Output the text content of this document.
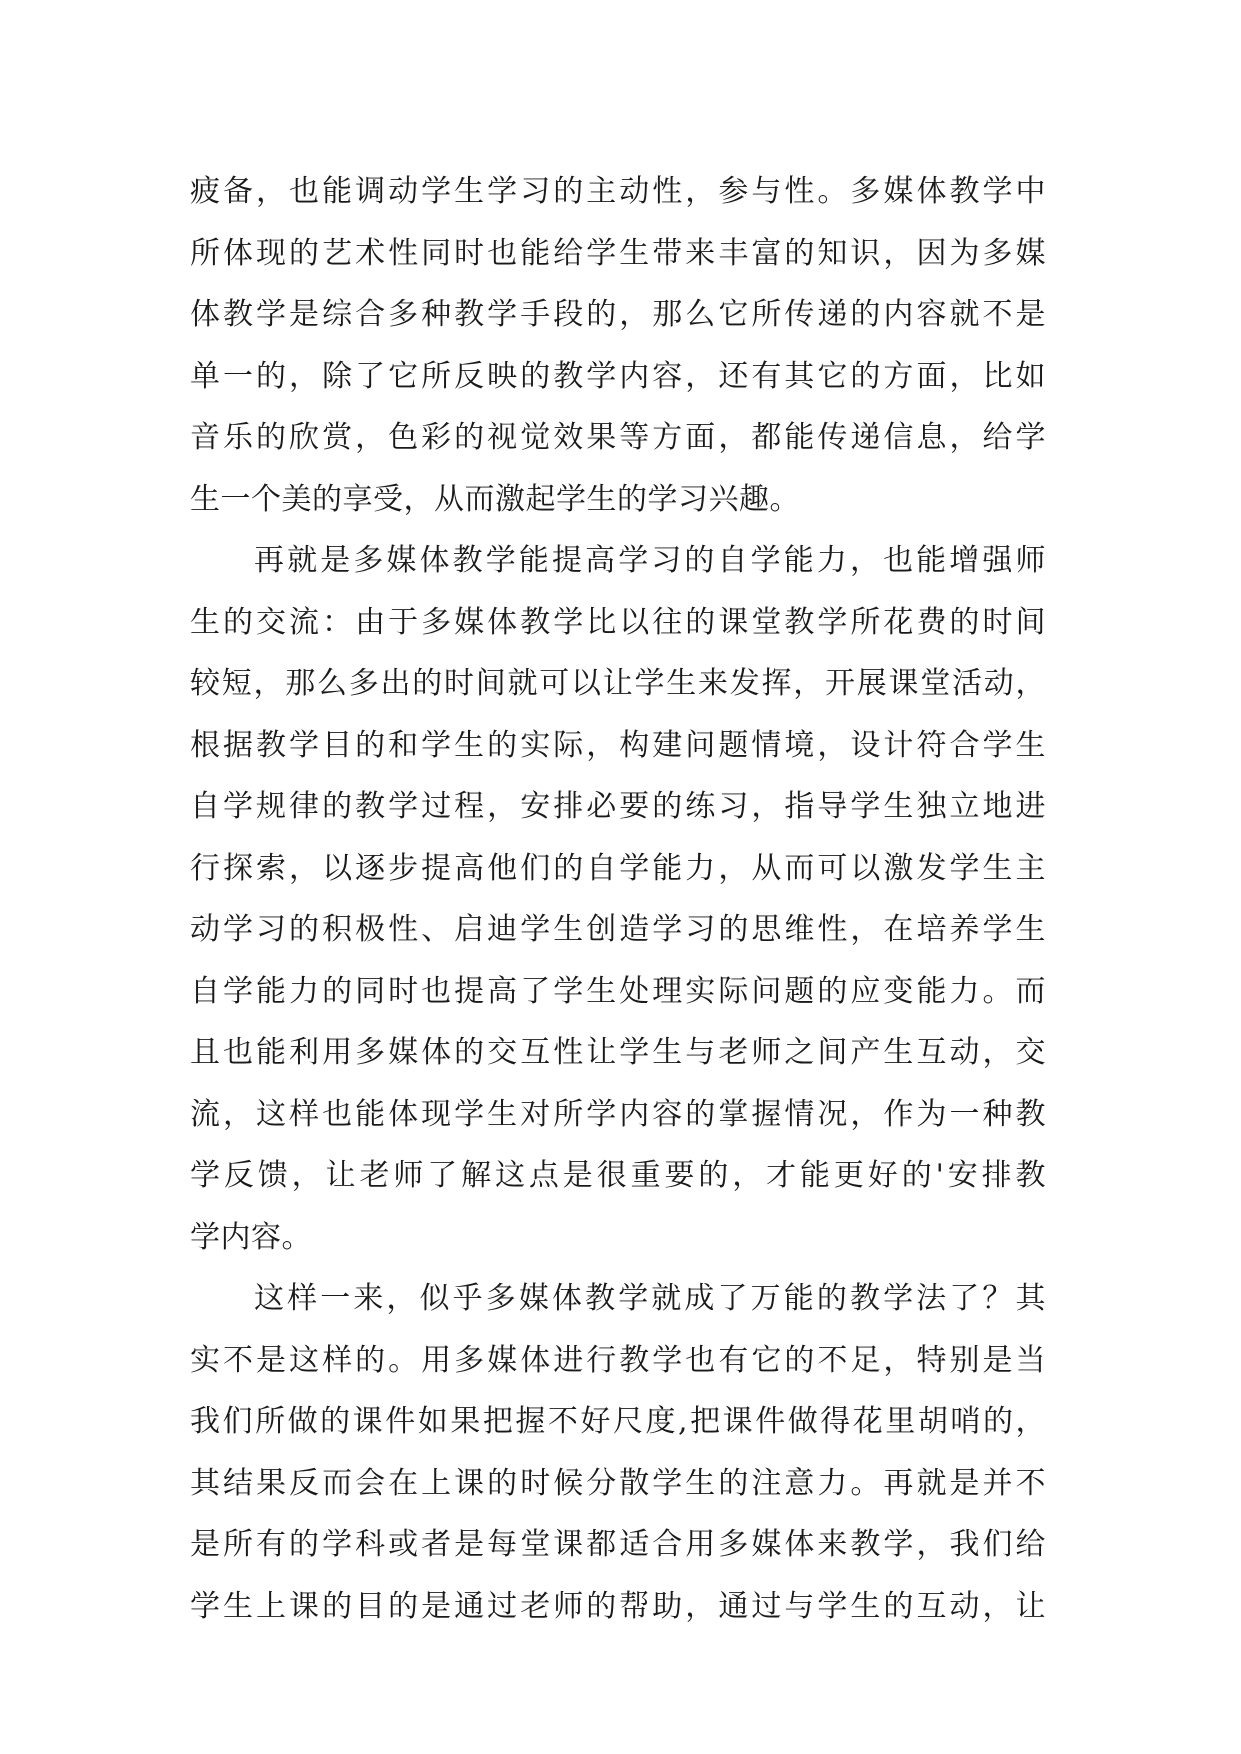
疲备，也能调动学生学习的主动性，参与性。多媒体教学中
所体现的艺术性同时也能给学生带来丰富的知识，因为多媒
体教学是综合多种教学手段的，那么它所传递的内容就不是
单一的，除了它所反映的教学内容，还有其它的方面，比如
音乐的欣赏，色彩的视觉效果等方面，都能传递信息，给学
生一个美的享受，从而激起学生的学习兴趣。
再就是多媒体教学能提高学习的自学能力，也能增强师
生的交流：由于多媒体教学比以往的课堂教学所花费的时间
较短，那么多出的时间就可以让学生来发挥，开展课堂活动，
根据教学目的和学生的实际，构建问题情境，设计符合学生
自学规律的教学过程，安排必要的练习，指导学生独立地进
行探索，以逐步提高他们的自学能力，从而可以激发学生主
动学习的积极性、启迪学生创造学习的思维性，在培养学生
自学能力的同时也提高了学生处理实际问题的应变能力。而
且也能利用多媒体的交互性让学生与老师之间产生互动，交
流，这样也能体现学生对所学内容的掌握情况，作为一种教
学反馈，让老师了解这点是很重要的，才能更好的'安排教
学内容。
这样一来，似乎多媒体教学就成了万能的教学法了？其
实不是这样的。用多媒体进行教学也有它的不足，特别是当
我们所做的课件如果把握不好尺度,把课件做得花里胡哨的，
其结果反而会在上课的时候分散学生的注意力。再就是并不
是所有的学科或者是每堂课都适合用多媒体来教学，我们给
学生上课的目的是通过老师的帮助，通过与学生的互动，让
